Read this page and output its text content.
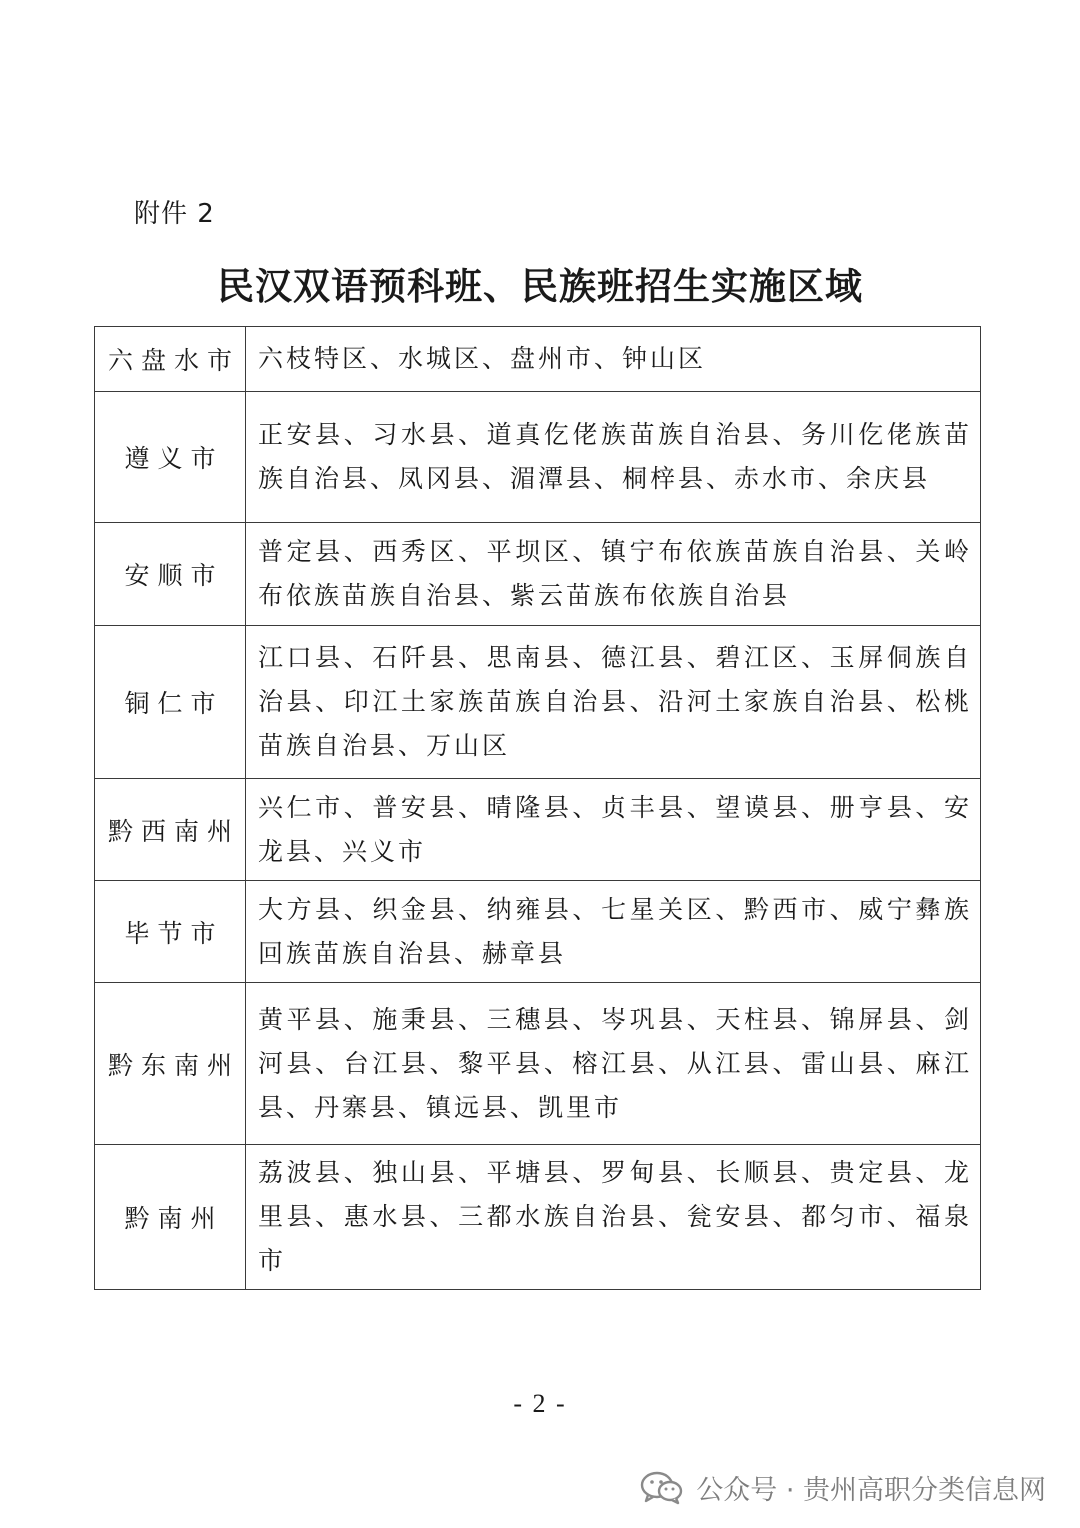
附件 2
民汉双语预科班、民族班招生实施区域
六盘水市	六枝特区、水城区、盘州市、钟山区
遵义市	正安县、习水县、道真仡佬族苗族自治县、务川仡佬族苗族自治县、凤冈县、湄潭县、桐梓县、赤水市、余庆县
安顺市	普定县、西秀区、平坝区、镇宁布依族苗族自治县、关岭布依族苗族自治县、紫云苗族布依族自治县
铜仁市	江口县、石阡县、思南县、德江县、碧江区、玉屏侗族自治县、印江土家族苗族自治县、沿河土家族自治县、松桃苗族自治县、万山区
黔西南州	兴仁市、普安县、晴隆县、贞丰县、望谟县、册亨县、安龙县、兴义市
毕节市	大方县、织金县、纳雍县、七星关区、黔西市、威宁彝族回族苗族自治县、赫章县
黔东南州	黄平县、施秉县、三穗县、岑巩县、天柱县、锦屏县、剑河县、台江县、黎平县、榕江县、从江县、雷山县、麻江县、丹寨县、镇远县、凯里市
黔南州	荔波县、独山县、平塘县、罗甸县、长顺县、贵定县、龙里县、惠水县、三都水族自治县、瓮安县、都匀市、福泉市
- 2 -
公众号 · 贵州高职分类信息网
